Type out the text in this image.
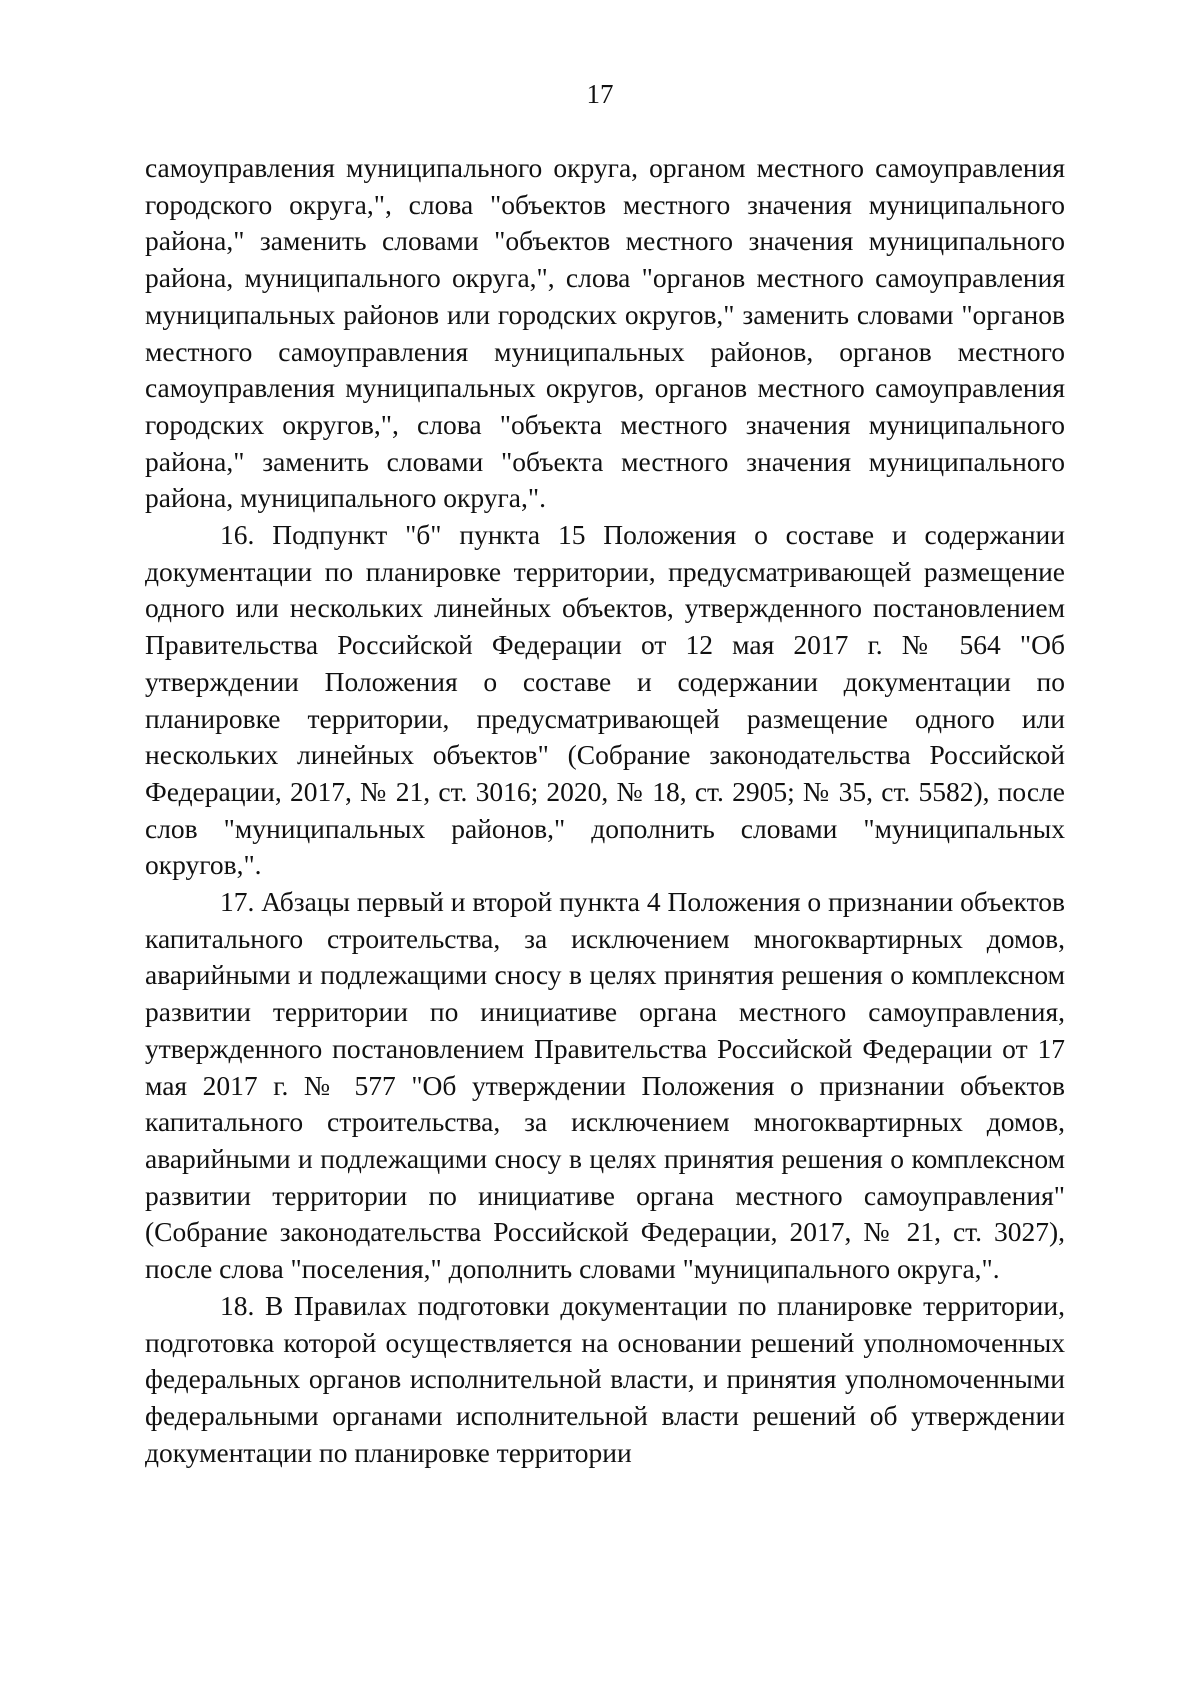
17

самоуправления муниципального округа, органом местного самоуправления городского округа,", слова "объектов местного значения муниципального района," заменить словами "объектов местного значения муниципального района, муниципального округа,", слова "органов местного самоуправления муниципальных районов или городских округов," заменить словами "органов местного самоуправления муниципальных районов, органов местного самоуправления муниципальных округов, органов местного самоуправления городских округов,", слова "объекта местного значения муниципального района," заменить словами "объекта местного значения муниципального района, муниципального округа,".

16. Подпункт "б" пункта 15 Положения о составе и содержании документации по планировке территории, предусматривающей размещение одного или нескольких линейных объектов, утвержденного постановлением Правительства Российской Федерации от 12 мая 2017 г. № 564 "Об утверждении Положения о составе и содержании документации по планировке территории, предусматривающей размещение одного или нескольких линейных объектов" (Собрание законодательства Российской Федерации, 2017, № 21, ст. 3016; 2020, № 18, ст. 2905; № 35, ст. 5582), после слов "муниципальных районов," дополнить словами "муниципальных округов,".

17. Абзацы первый и второй пункта 4 Положения о признании объектов капитального строительства, за исключением многоквартирных домов, аварийными и подлежащими сносу в целях принятия решения о комплексном развитии территории по инициативе органа местного самоуправления, утвержденного постановлением Правительства Российской Федерации от 17 мая 2017 г. № 577 "Об утверждении Положения о признании объектов капитального строительства, за исключением многоквартирных домов, аварийными и подлежащими сносу в целях принятия решения о комплексном развитии территории по инициативе органа местного самоуправления" (Собрание законодательства Российской Федерации, 2017, № 21, ст. 3027), после слова "поселения," дополнить словами "муниципального округа,".

18. В Правилах подготовки документации по планировке территории, подготовка которой осуществляется на основании решений уполномоченных федеральных органов исполнительной власти, и принятия уполномоченными федеральными органами исполнительной власти решений об утверждении документации по планировке территории
